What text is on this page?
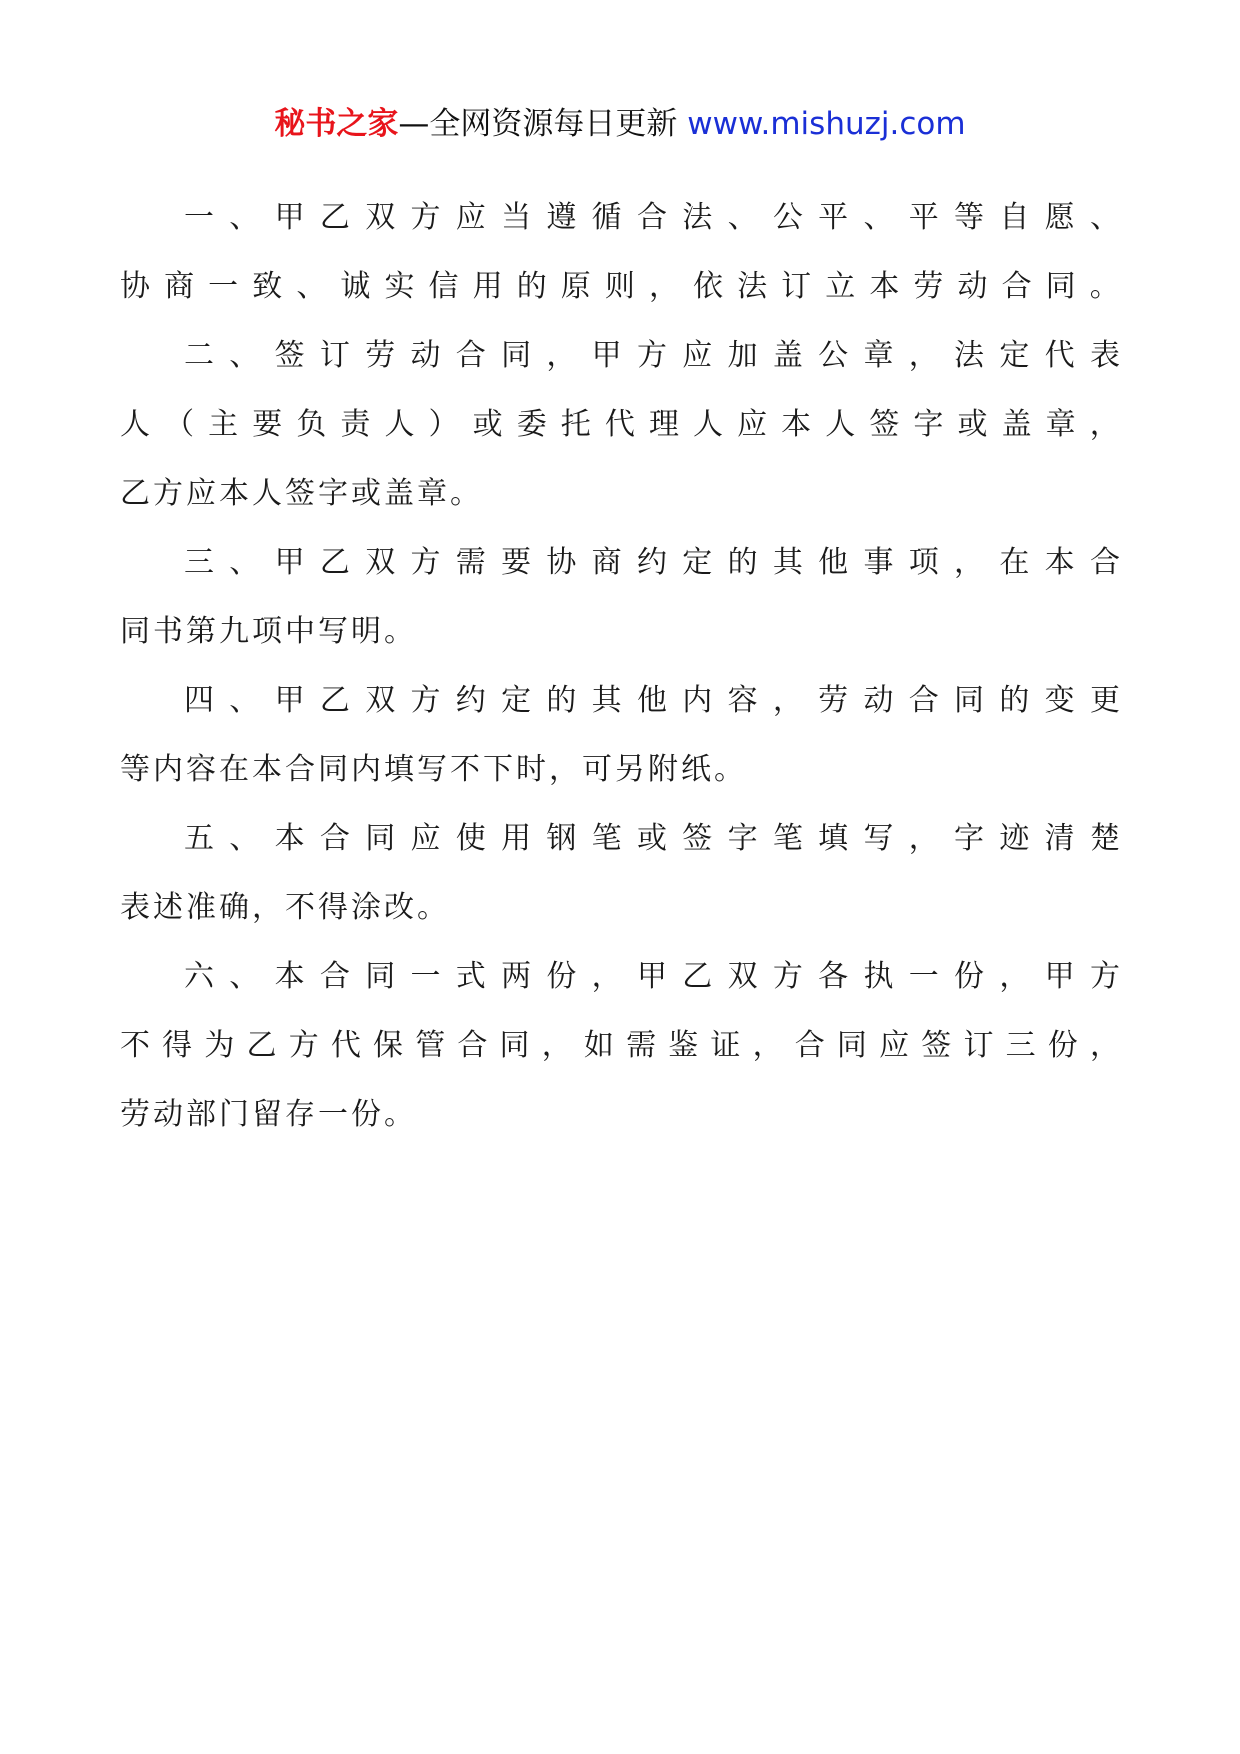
秘书之家—全网资源每日更新 www.mishuzj.com
一 、 甲 乙 双 方 应 当 遵 循 合 法 、 公 平 、 平 等 自 愿 、
协 商 一 致 、 诚 实 信 用 的 原 则 ， 依 法 订 立 本 劳 动 合 同 。
二 、 签 订 劳 动 合 同 ， 甲 方 应 加 盖 公 章 ， 法 定 代 表
人 （ 主 要 负 责 人 ） 或 委 托 代 理 人 应 本 人 签 字 或 盖 章 ，
乙方应本人签字或盖章。
三 、 甲 乙 双 方 需 要 协 商 约 定 的 其 他 事 项 ， 在 本 合
同书第九项中写明。
四 、 甲 乙 双 方 约 定 的 其 他 内 容 ， 劳 动 合 同 的 变 更
等内容在本合同内填写不下时，可另附纸。
五 、 本 合 同 应 使 用 钢 笔 或 签 字 笔 填 写 ， 字 迹 清 楚
表述准确，不得涂改。
六 、 本 合 同 一 式 两 份 ， 甲 乙 双 方 各 执 一 份 ， 甲 方
不 得 为 乙 方 代 保 管 合 同 ， 如 需 鉴 证 ， 合 同 应 签 订 三 份 ，
劳动部门留存一份。
